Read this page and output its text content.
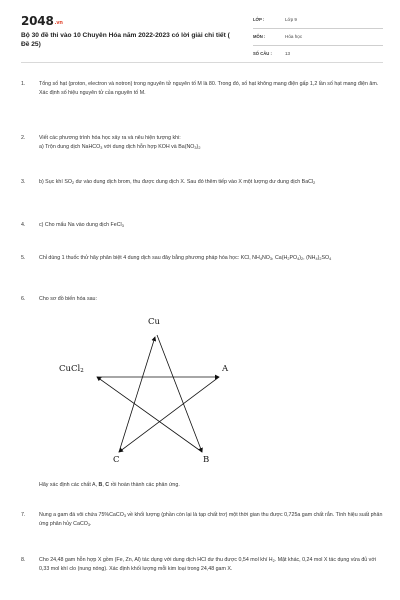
2048.vn
Bộ 30 đề thi vào 10 Chuyên Hóa năm 2022-2023 có lời giải chi tiết ( Đề 25)
LỚP :	Lớp 9
MÔN :	Hóa học
SỐ CÂU :	13
1.	Tổng số hạt (proton, electron và notron) trong nguyên tử nguyên tố M là 80. Trong đó, số hạt không mang điện gấp 1,2 lần số hạt mang điện âm. Xác định số hiệu nguyên tử của nguyên tố M.
2.	Viết các phương trình hóa học xảy ra và nêu hiện tượng khi:
a) Trộn dung dịch NaHCO$_3$ với dung dịch hỗn hợp KOH và $Ba(NO_3)_2$
3.	b) Sục khí $SO_2$ dư vào dung dịch brom, thu được dung dịch X. Sau đó thêm tiếp vào X một lượng dư dung dịch BaCl$_2$
4.	c) Cho mẩu Na vào dung dịch FeCl$_3$
5.	Chỉ dùng 1 thuốc thử hãy phân biệt 4 dung dịch sau đây bằng phương pháp hóa học: KCl, $NH_4NO_3$, $Ca(H_2PO_4)_2$, $(NH_4)_2SO_4$
6.	Cho sơ đồ biến hóa sau:
Cu
CuCl$_2$	A
C	B
Hãy xác định các chất A, B, C rồi hoàn thành các phản ứng.
7.	Nung a gam đá vôi chứa 75%CaCO$_3$ về khối lượng (phần còn lại là tạp chất trơ) một thời gian thu được 0,725a gam chất rắn. Tính hiệu suất phản ứng phân hủy CaCO$_3$.
8.	Cho 24,48 gam hỗn hợp X gồm (Fe, Zn, Al) tác dụng với dung dịch HCl dư thu được 0,54 mol khí $H_2$. Mặt khác, 0,24 mol X tác dụng vừa đủ với 0,33 mol khí clo (nung nóng). Xác định khối lượng mỗi kim loại trong 24,48 gam X.
